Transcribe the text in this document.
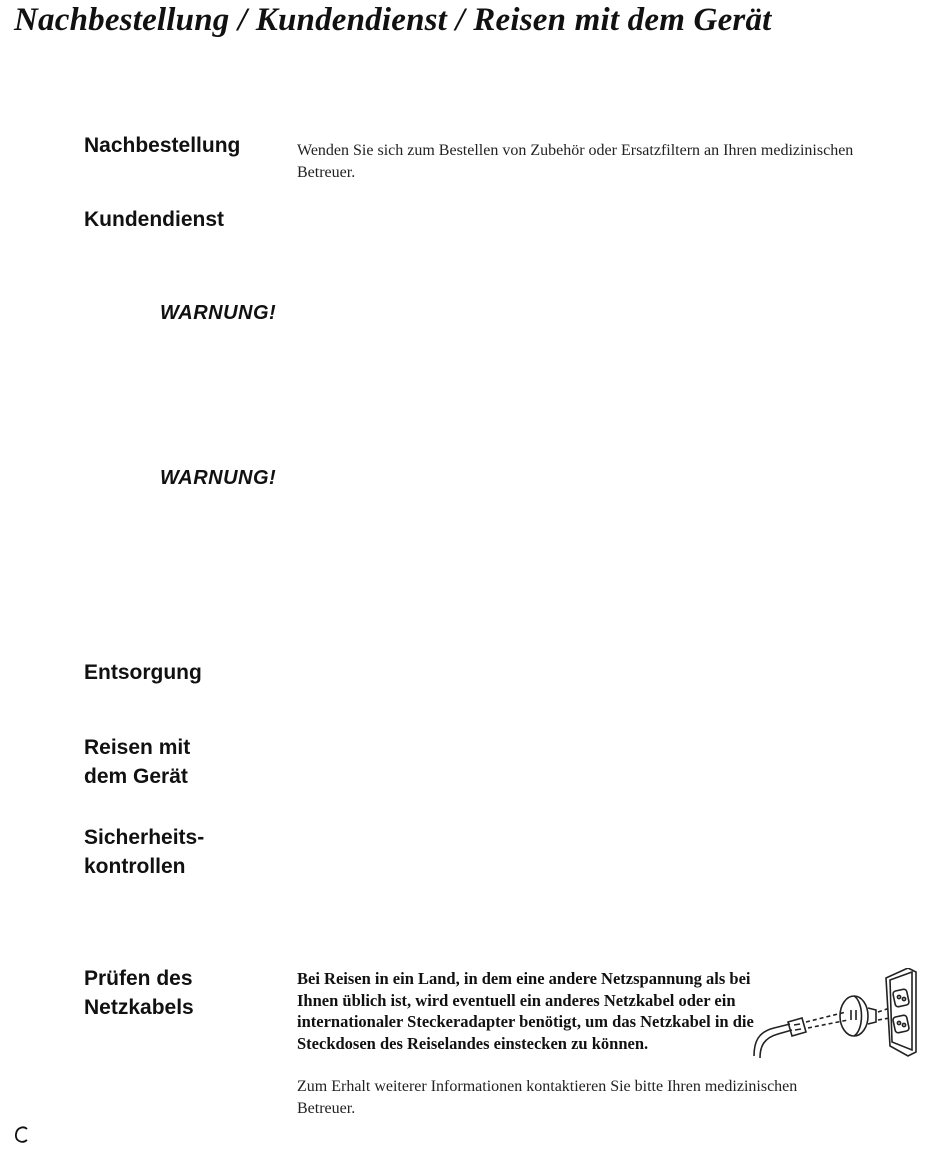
Nachbestellung / Kundendienst / Reisen mit dem Gerät
Nachbestellung	Wenden Sie sich zum Bestellen von Zubehör oder Ersatzfiltern an Ihren medizinischen Betreuer.
Kundendienst
WARNUNG!
WARNUNG!
Entsorgung
Reisen mit
dem Gerät
Sicherheits-
kontrollen
Prüfen des
Netzkabels
Bei Reisen in ein Land, in dem eine andere Netzspannung als bei Ihnen üblich ist, wird eventuell ein anderes Netzkabel oder ein internationaler Steckeradapter benötigt, um das Netzkabel in die Steckdosen des Reiselandes einstecken zu können.
Zum Erhalt weiterer Informationen kontaktieren Sie bitte Ihren medizinischen Betreuer.
